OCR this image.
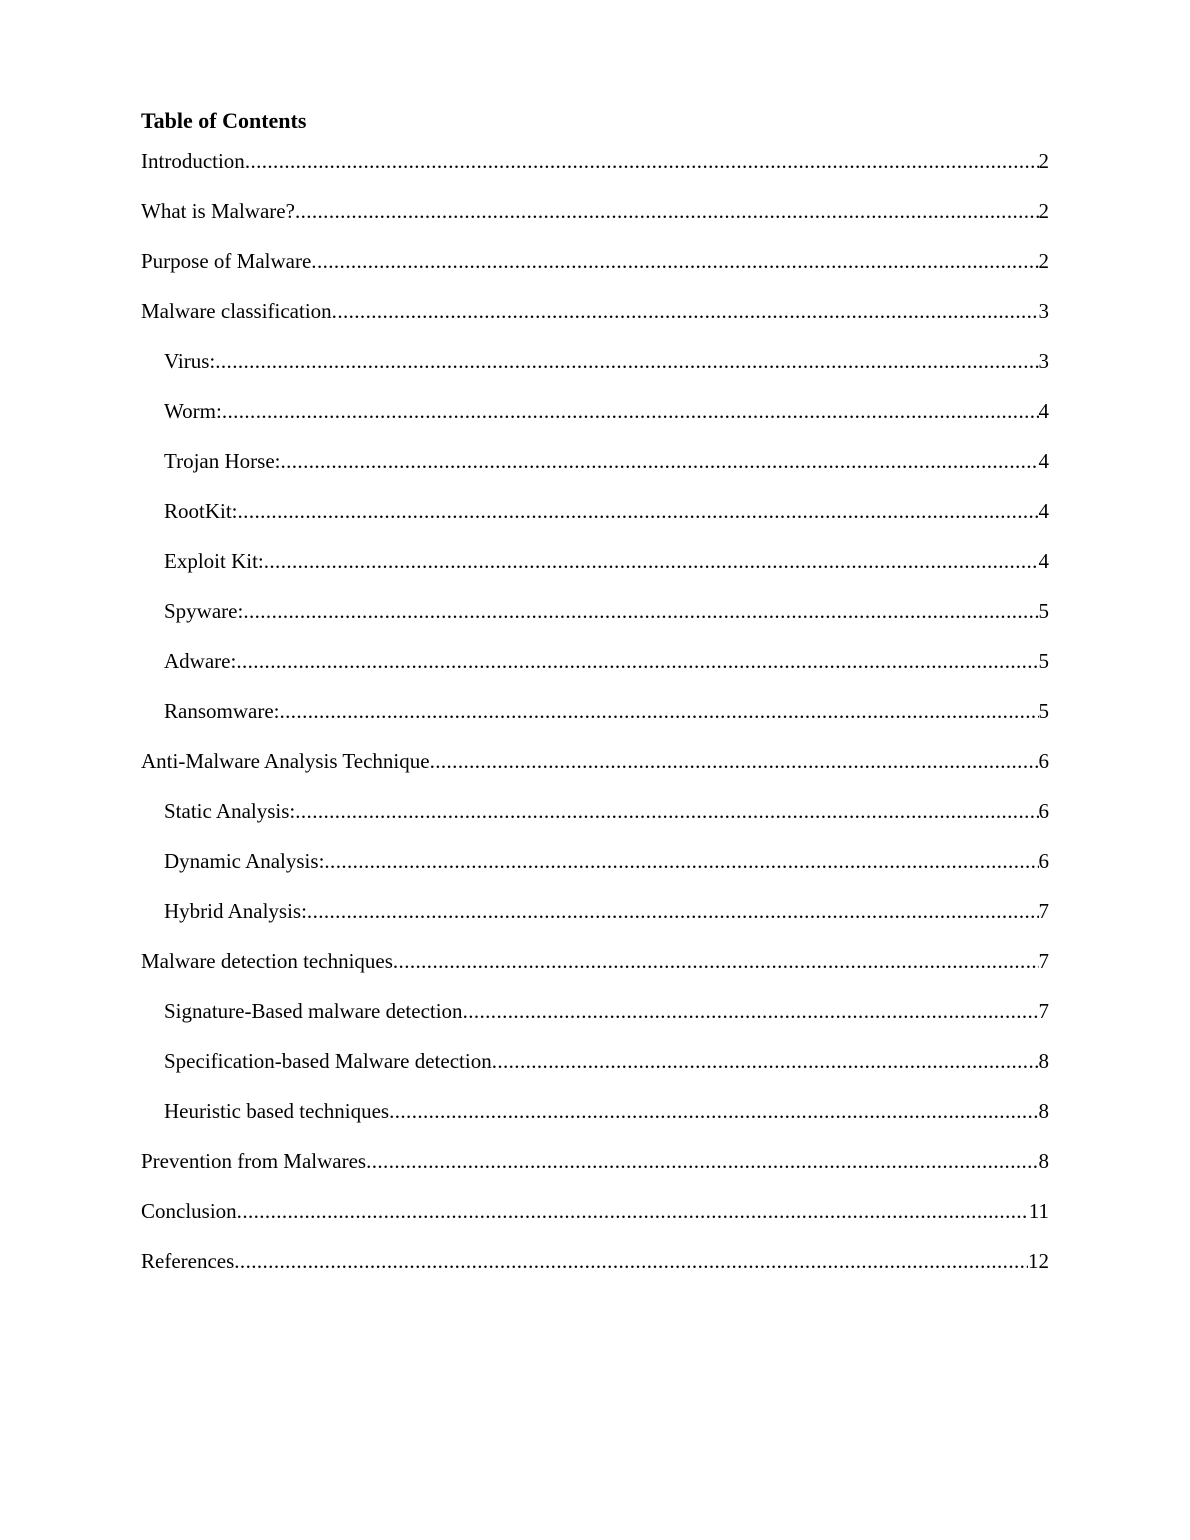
Table of Contents
Introduction .....	2
What is Malware? .....	2
Purpose of Malware .....	2
Malware classification .....	3
Virus: .....	3
Worm: .....	4
Trojan Horse: .....	4
RootKit: .....	4
Exploit Kit: .....	4
Spyware: .....	5
Adware: .....	5
Ransomware: .....	5
Anti-Malware Analysis Technique .....	6
Static Analysis: .....	6
Dynamic Analysis: .....	6
Hybrid Analysis: .....	7
Malware detection techniques .....	7
Signature-Based malware detection .....	7
Specification-based Malware detection .....	8
Heuristic based techniques .....	8
Prevention from Malwares .....	8
Conclusion .....	11
References .....	12
